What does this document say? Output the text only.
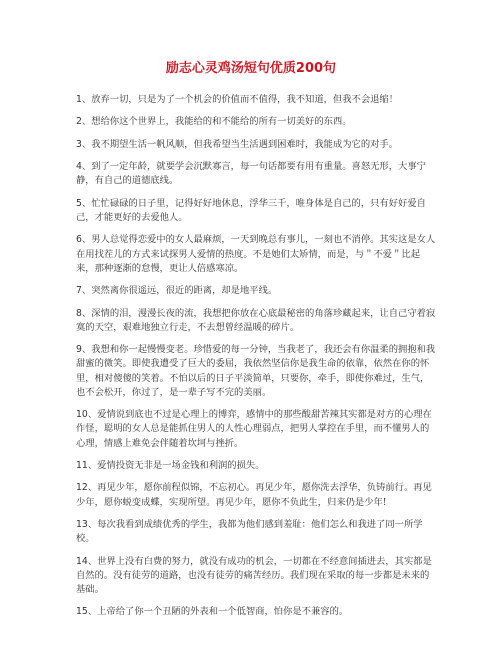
励志心灵鸡汤短句优质200句
1、放弃一切，只是为了一个机会的价值而不值得，我不知道，但我不会退缩！
2、想给你这个世界上，我能给的和不能给的所有一切美好的东西。
3、我不期望生活一帆风顺，但我希望当生活遇到困难时，我能成为它的对手。
4、到了一定年龄，就要学会沉默寡言，每一句话都要有用有重量。喜怒无形，大事宁静，有自己的道德底线。
5、忙忙碌碌的日子里，记得好好地休息，浮华三千，唯身体是自己的，只有好好爱自己，才能更好的去爱他人。
6、男人总觉得恋爱中的女人最麻烦，一天到晚总有事儿，一刻也不消停。其实这是女人在用找茬儿的方式来试探男人爱情的热度。不是她们太矫情，而是，与＂不爱＂比起来，那种逐渐的怠慢，更让人倍感寒凉。
7、突然离你很遥远，很近的距离，却是地平线。
8、深情的泪，漫漫长夜的流，我想把你放在心底最秘密的角落珍藏起来，让自己守着寂寞的天空，艰难地独立行走，不去想曾经温暖的碎片。
9、我想和你一起慢慢变老。珍惜爱的每一分钟，当我老了，我还会有你温柔的拥抱和我甜蜜的微笑。即使我遭受了巨大的委屈，我依然坚信你是我生命的依靠，依然在你的怀里，相对傻傻的笑着。不怕以后的日子平淡简单，只要你，牵手，即使你难过，生气，也不会松开，你过了，是一辈子写不完的美丽。
10、爱情说到底也不过是心理上的博弈，感情中的那些酸甜苦辣其实都是对方的心理在作怪，聪明的女人总是能抓住男人的人性心理弱点，把男人掌控在手里，而不懂男人的心理，情感上难免会伴随着坎坷与挫折。
11、爱情投资无非是一场金钱和利润的损失。
12、再见少年，愿你前程似锦，不忘初心。再见少年，愿你洗去浮华，负铸前行。再见少年，愿你蜕变成蝶，实现所望。再见少年，愿你不负此生，归来仍是少年!
13、每次我看到成绩优秀的学生，我都为他们感到羞耻：他们怎么和我进了同一所学校。
14、世界上没有白费的努力，就没有成功的机会，一切都在不经意间插进去，其实都是自然的。没有徒劳的道路，也没有徒劳的痛苦经历。我们现在采取的每一步都是未来的基础。
15、上帝给了你一个丑陋的外表和一个低智商，怕你是不兼容的。
